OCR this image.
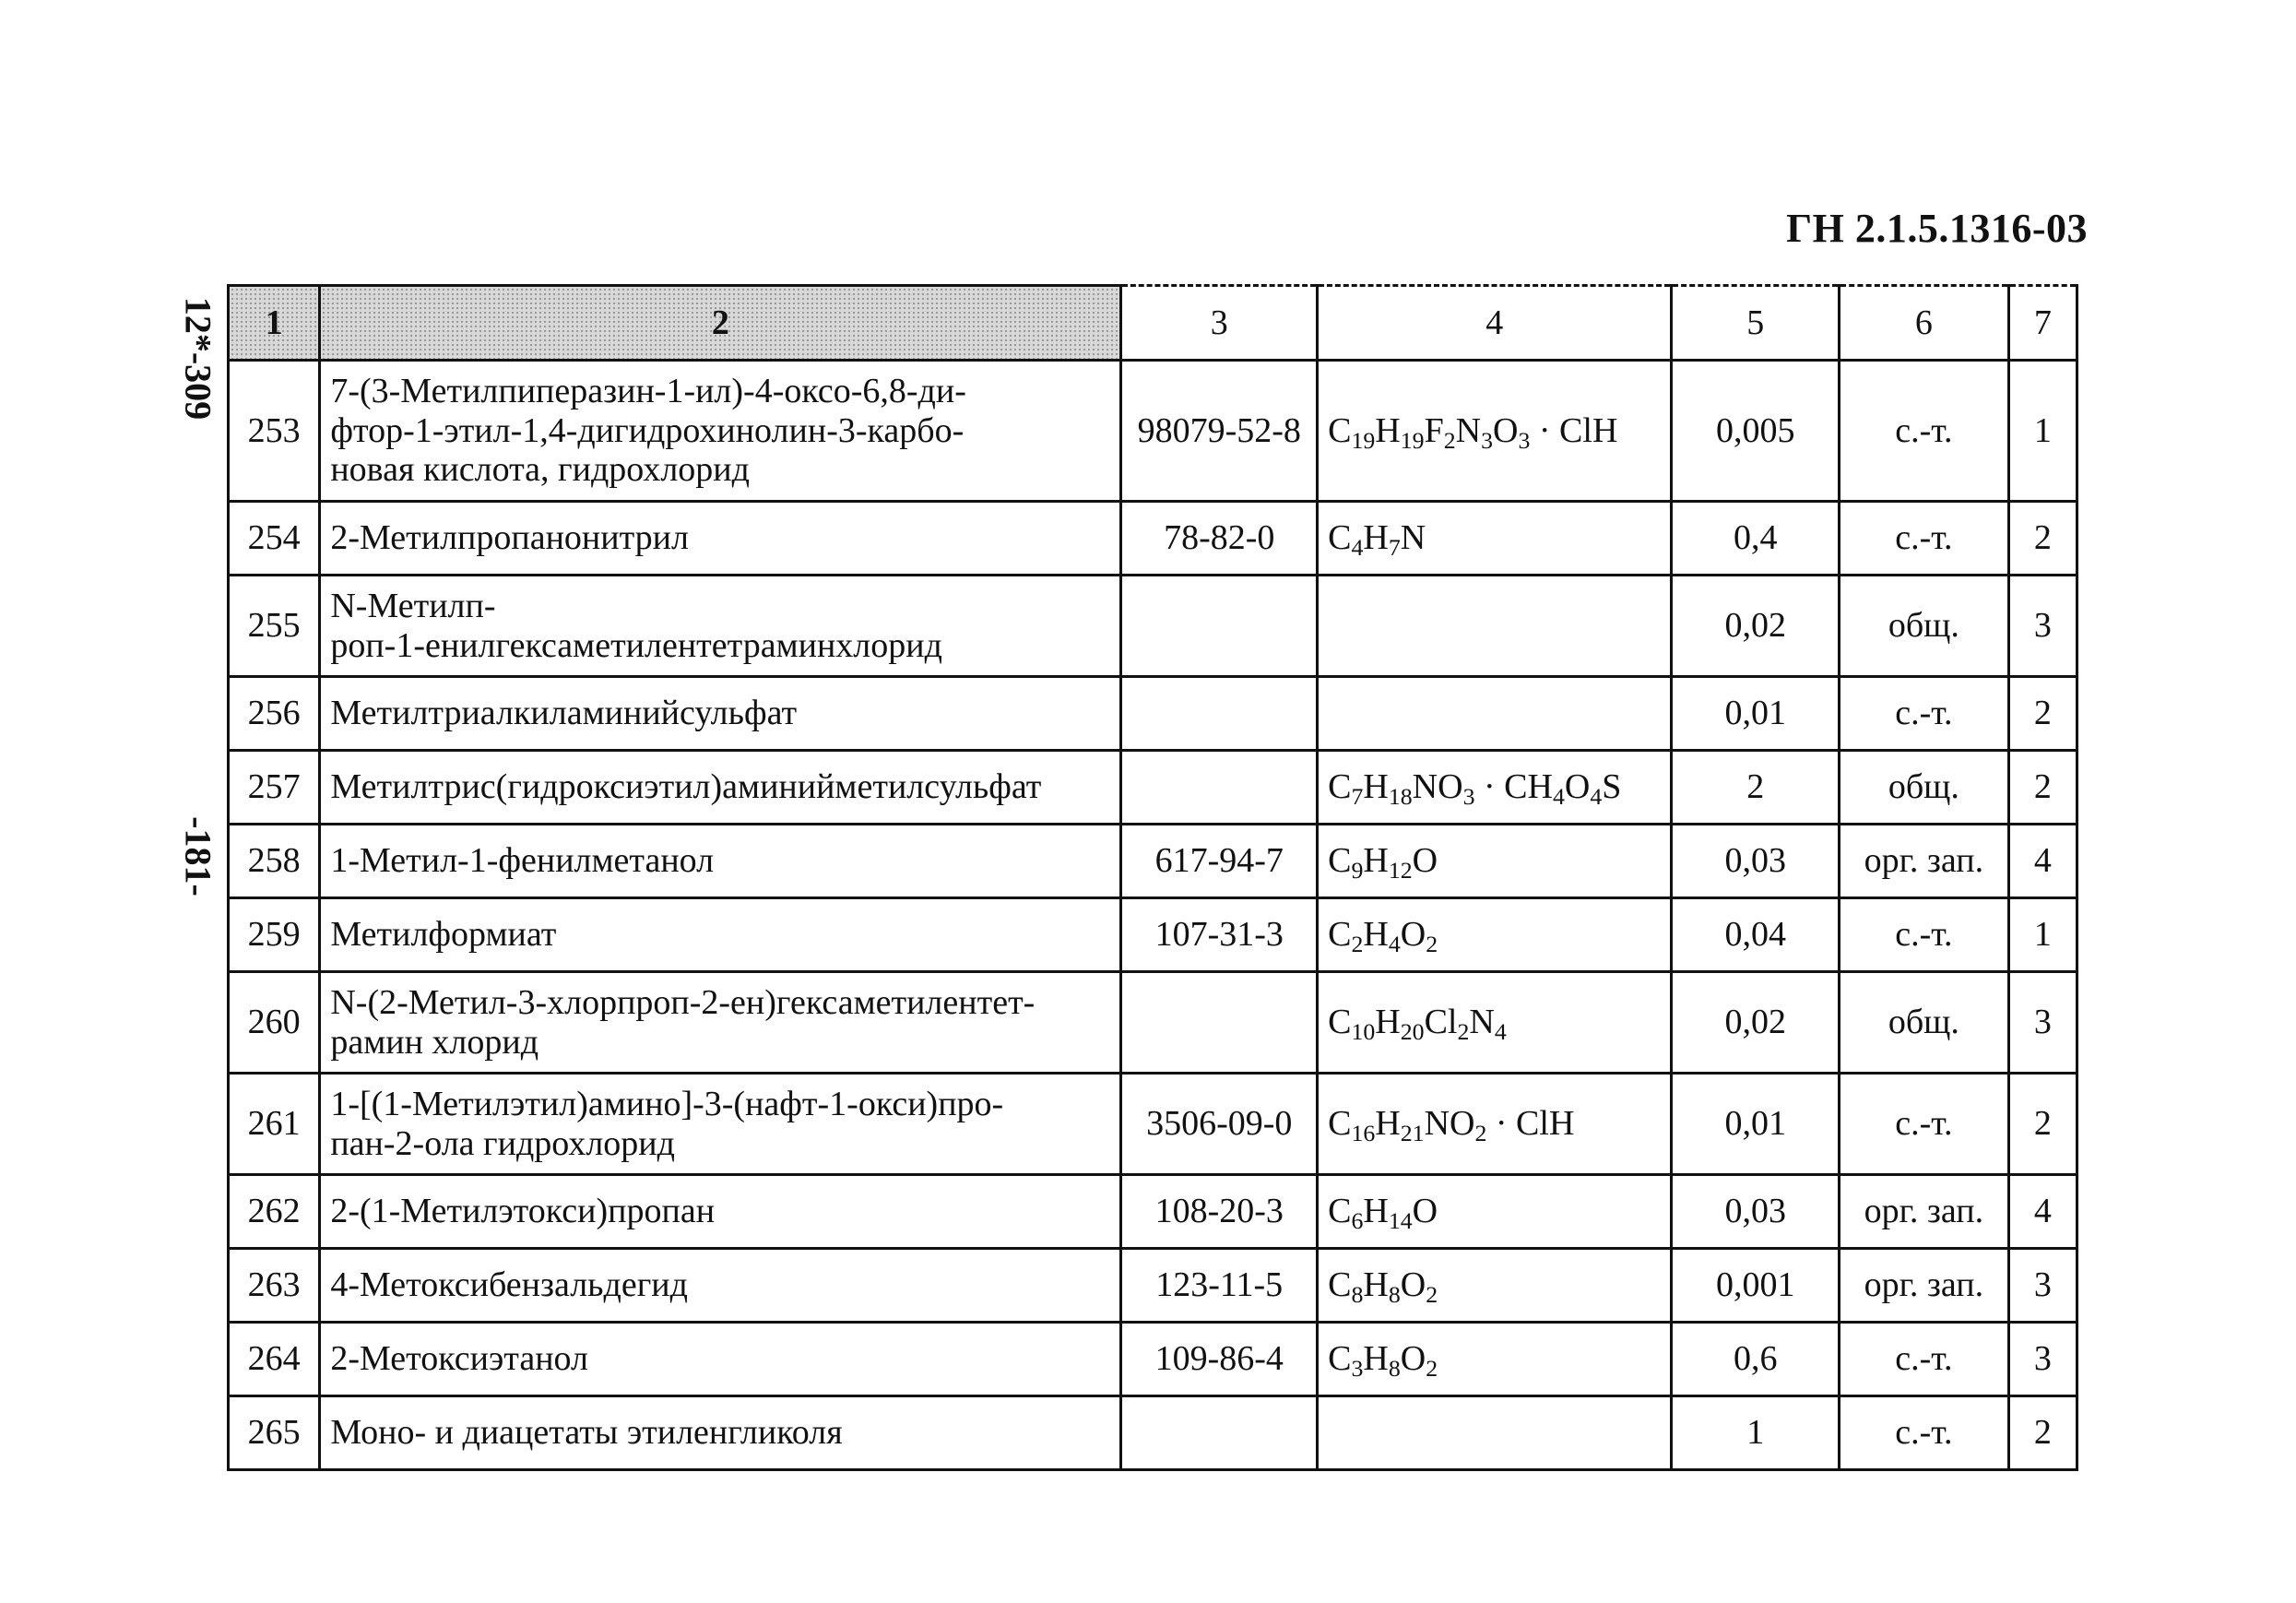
ГН 2.1.5.1316-03
12*-309
-181-
1	2	3	4	5	6	7
253	7-(3-Метилпиперазин-1-ил)-4-оксо-6,8-ди-
фтор-1-этил-1,4-дигидрохинолин-3-карбо-
новая кислота, гидрохлорид	98079-52-8	$C_{19}H_{19}F_2N_3O_3$ · ClH	0,005	с.-т.	1
254	2-Метилпропанонитрил	78-82-0	$C_4H_7N$	0,4	с.-т.	2
255	N-Метилп-
роп-1-енилгексаметилентетраминхлорид			0,02	общ.	3
256	Метилтриалкиламинийсульфат			0,01	с.-т.	2
257	Метилтрис(гидроксиэтил)аминийметилсульфат		$C_7H_{18}NO_3 \cdot CH_4O_4S$	2	общ.	2
258	1-Метил-1-фенилметанол	617-94-7	$C_9H_{12}O$	0,03	орг. зап.	4
259	Метилформиат	107-31-3	$C_2H_4O_2$	0,04	с.-т.	1
260	N-(2-Метил-3-хлорпроп-2-ен)гексаметилентет-
рамин хлорид		$C_{10}H_{20}Cl_2N_4$	0,02	общ.	3
261	1-[(1-Метилэтил)амино]-3-(нафт-1-окси)про-
пан-2-ола гидрохлорид	3506-09-0	$C_{16}H_{21}NO_2$ · ClH	0,01	с.-т.	2
262	2-(1-Метилэтокси)пропан	108-20-3	$C_6H_{14}O$	0,03	орг. зап.	4
263	4-Метоксибензальдегид	123-11-5	$C_8H_8O_2$	0,001	орг. зап.	3
264	2-Метоксиэтанол	109-86-4	$C_3H_8O_2$	0,6	с.-т.	3
265	Моно- и диацетаты этиленгликоля			1	с.-т.	2
